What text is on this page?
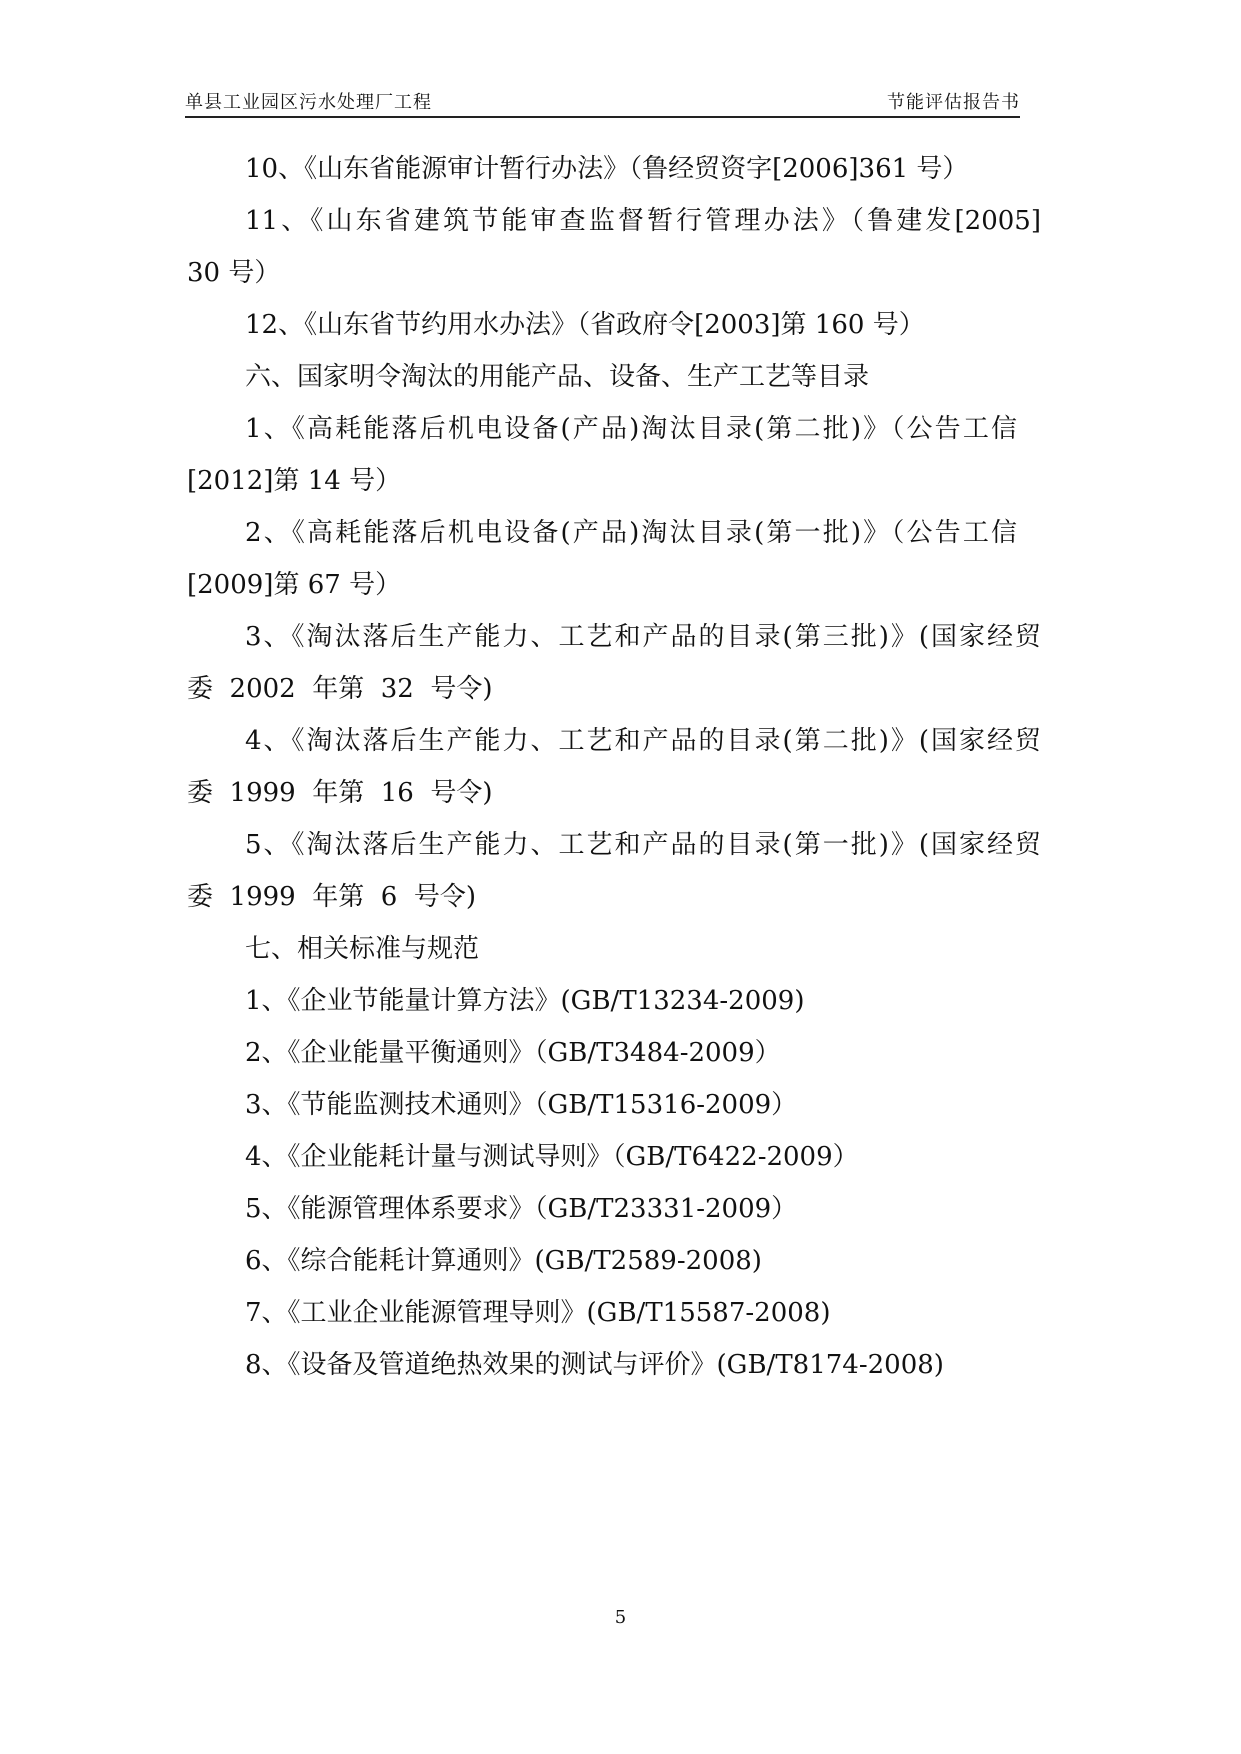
单县工业园区污水处理厂工程	节能评估报告书
10、《山东省能源审计暂行办法》（鲁经贸资字[2006]361 号）
11、《山东省建筑节能审查监督暂行管理办法》（鲁建发[2005]
30 号）
12、《山东省节约用水办法》（省政府令[2003]第 160 号）
六、国家明令淘汰的用能产品、设备、生产工艺等目录
1、《高耗能落后机电设备(产品)淘汰目录(第二批)》（公告工信
[2012]第 14 号）
2、《高耗能落后机电设备(产品)淘汰目录(第一批)》（公告工信
[2009]第 67 号）
3、《淘汰落后生产能力、工艺和产品的目录(第三批)》(国家经贸
委  2002  年第  32  号令)
4、《淘汰落后生产能力、工艺和产品的目录(第二批)》(国家经贸
委  1999  年第  16  号令)
5、《淘汰落后生产能力、工艺和产品的目录(第一批)》(国家经贸
委  1999  年第  6  号令)
七、相关标准与规范
1、《企业节能量计算方法》(GB/T13234-2009)
2、《企业能量平衡通则》（GB/T3484-2009）
3、《节能监测技术通则》（GB/T15316-2009）
4、《企业能耗计量与测试导则》（GB/T6422-2009）
5、《能源管理体系要求》（GB/T23331-2009）
6、《综合能耗计算通则》(GB/T2589-2008)
7、《工业企业能源管理导则》(GB/T15587-2008)
8、《设备及管道绝热效果的测试与评价》(GB/T8174-2008)
5
